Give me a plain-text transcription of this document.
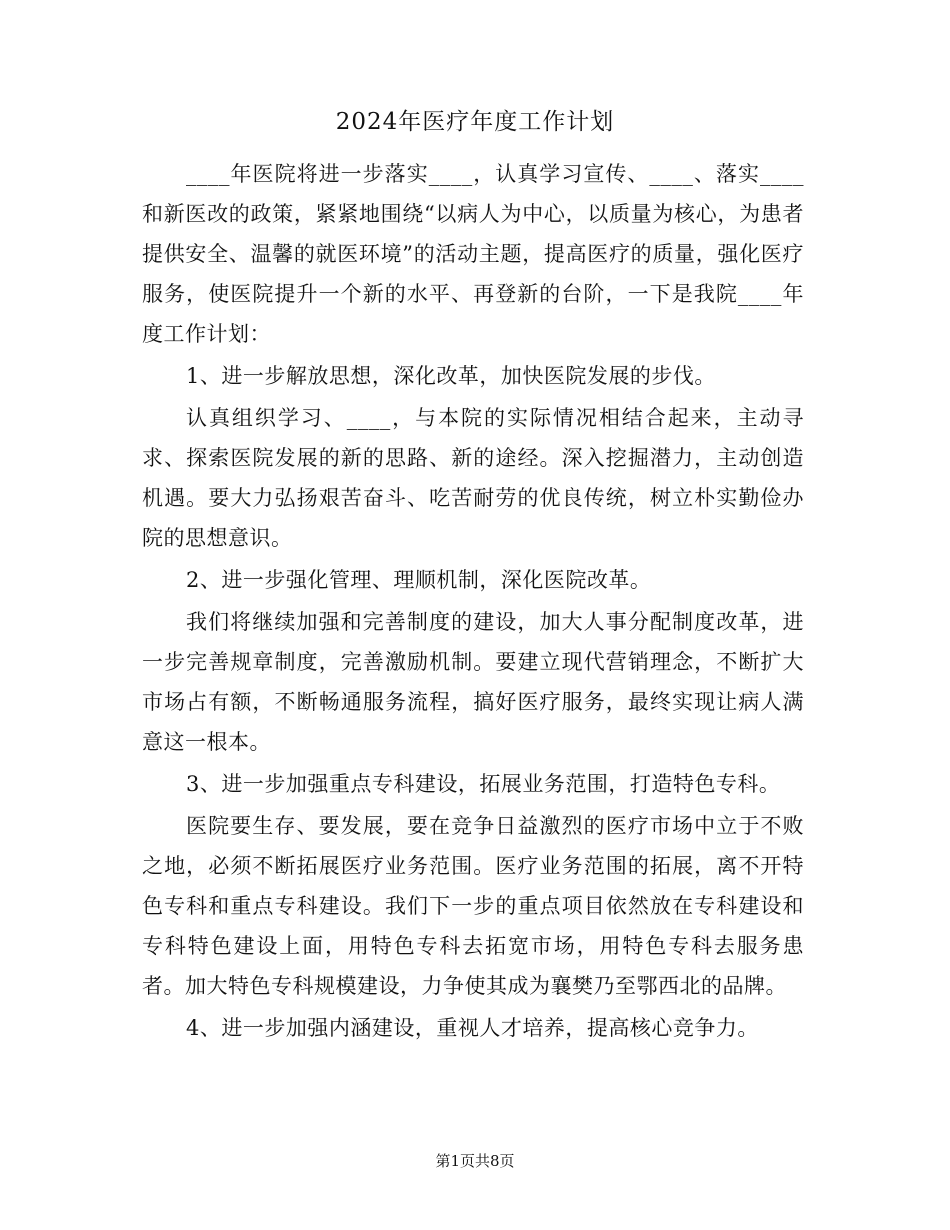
2024年医疗年度工作计划

____年医院将进一步落实____，认真学习宣传、____、落实____和新医改的政策，紧紧地围绕“以病人为中心，以质量为核心，为患者提供安全、温馨的就医环境”的活动主题，提高医疗的质量，强化医疗服务，使医院提升一个新的水平、再登新的台阶，一下是我院____年度工作计划：

1、进一步解放思想，深化改革，加快医院发展的步伐。

认真组织学习、____，与本院的实际情况相结合起来，主动寻求、探索医院发展的新的思路、新的途经。深入挖掘潜力，主动创造机遇。要大力弘扬艰苦奋斗、吃苦耐劳的优良传统，树立朴实勤俭办院的思想意识。

2、进一步强化管理、理顺机制，深化医院改革。

我们将继续加强和完善制度的建设，加大人事分配制度改革，进一步完善规章制度，完善激励机制。要建立现代营销理念，不断扩大市场占有额，不断畅通服务流程，搞好医疗服务，最终实现让病人满意这一根本。

3、进一步加强重点专科建设，拓展业务范围，打造特色专科。

医院要生存、要发展，要在竞争日益激烈的医疗市场中立于不败之地，必须不断拓展医疗业务范围。医疗业务范围的拓展，离不开特色专科和重点专科建设。我们下一步的重点项目依然放在专科建设和专科特色建设上面，用特色专科去拓宽市场，用特色专科去服务患者。加大特色专科规模建设，力争使其成为襄樊乃至鄂西北的品牌。

4、进一步加强内涵建设，重视人才培养，提高核心竞争力。

第1页共8页
